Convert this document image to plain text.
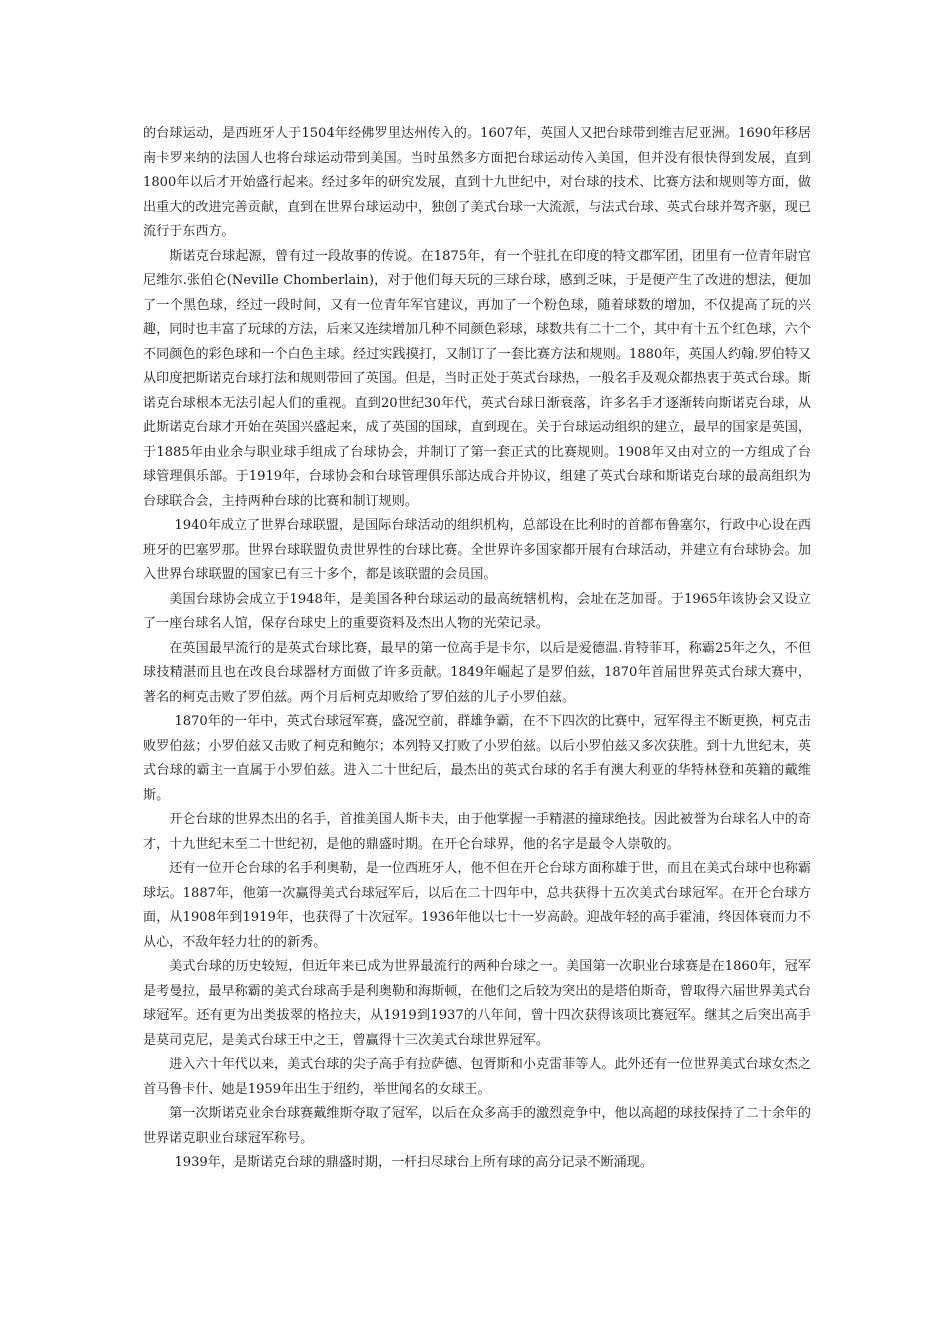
的台球运动，是西班牙人于1504年经佛罗里达州传入的。1607年，英国人又把台球带到维吉尼亚洲。1690年移居南卡罗来纳的法国人也将台球运动带到美国。当时虽然多方面把台球运动传入美国，但并没有很快得到发展，直到1800年以后才开始盛行起来。经过多年的研究发展，直到十九世纪中，对台球的技术、比赛方法和规则等方面，做出重大的改进完善贡献，直到在世界台球运动中，独创了美式台球一大流派，与法式台球、英式台球并驾齐驱，现已流行于东西方。

斯诺克台球起源，曾有过一段故事的传说。在1875年，有一个驻扎在印度的特文郡军团，团里有一位青年尉官尼维尔.张伯仑(Neville Chomberlain)，对于他们每天玩的三球台球，感到乏味，于是便产生了改进的想法，便加了一个黑色球，经过一段时间，又有一位青年军官建议，再加了一个粉色球，随着球数的增加，不仅提高了玩的兴趣，同时也丰富了玩球的方法，后来又连续增加几种不同颜色彩球，球数共有二十二个，其中有十五个红色球，六个不同颜色的彩色球和一个白色主球。经过实践摸打，又制订了一套比赛方法和规则。1880年，英国人约翰.罗伯特又从印度把斯诺克台球打法和规则带回了英国。但是，当时正处于英式台球热，一般名手及观众都热衷于英式台球。斯诺克台球根本无法引起人们的重视。直到20世纪30年代，英式台球日渐衰落，许多名手才逐渐转向斯诺克台球，从此斯诺克台球才开始在英国兴盛起来，成了英国的国球，直到现在。关于台球运动组织的建立，最早的国家是英国，于1885年由业余与职业球手组成了台球协会，并制订了第一套正式的比赛规则。1908年又由对立的一方组成了台球管理俱乐部。于1919年，台球协会和台球管理俱乐部达成合并协议，组建了英式台球和斯诺克台球的最高组织为台球联合会，主持两种台球的比赛和制订规则。

1940年成立了世界台球联盟，是国际台球活动的组织机构，总部设在比利时的首都布鲁塞尔，行政中心设在西班牙的巴塞罗那。世界台球联盟负责世界性的台球比赛。全世界许多国家都开展有台球活动，并建立有台球协会。加入世界台球联盟的国家已有三十多个，都是该联盟的会员国。

美国台球协会成立于1948年，是美国各种台球运动的最高统辖机构，会址在芝加哥。于1965年该协会又设立了一座台球名人馆，保存台球史上的重要资料及杰出人物的光荣记录。

在英国最早流行的是英式台球比赛，最早的第一位高手是卡尔，以后是爱德温.肯特菲耳，称霸25年之久，不但球技精湛而且也在改良台球器材方面做了许多贡献。1849年崛起了是罗伯兹，1870年首届世界英式台球大赛中，著名的柯克击败了罗伯兹。两个月后柯克却败给了罗伯兹的儿子小罗伯兹。

1870年的一年中，英式台球冠军赛，盛况空前，群雄争霸，在不下四次的比赛中，冠军得主不断更换，柯克击败罗伯兹；小罗伯兹又击败了柯克和鲍尔；本列特又打败了小罗伯兹。以后小罗伯兹又多次获胜。到十九世纪末，英式台球的霸主一直属于小罗伯兹。进入二十世纪后，最杰出的英式台球的名手有澳大利亚的华特林登和英籍的戴维斯。

开仑台球的世界杰出的名手，首推美国人斯卡夫，由于他掌握一手精湛的撞球绝技。因此被誉为台球名人中的奇才，十九世纪末至二十世纪初，是他的鼎盛时期。在开仑台球界，他的名字是最令人崇敬的。

还有一位开仑台球的名手利奥勒，是一位西班牙人，他不但在开仑台球方面称雄于世，而且在美式台球中也称霸球坛。1887年，他第一次赢得美式台球冠军后，以后在二十四年中，总共获得十五次美式台球冠军。在开仑台球方面，从1908年到1919年，也获得了十次冠军。1936年他以七十一岁高龄。迎战年轻的高手霍浦，终因体衰而力不从心，不敌年轻力壮的的新秀。

美式台球的历史较短，但近年来已成为世界最流行的两种台球之一。美国第一次职业台球赛是在1860年，冠军是考曼拉，最早称霸的美式台球高手是利奥勒和海斯顿，在他们之后较为突出的是塔伯斯奇，曾取得六届世界美式台球冠军。还有更为出类拔翠的格拉夫，从1919到1937的八年间，曾十四次获得该项比赛冠军。继其之后突出高手是莫司克尼，是美式台球王中之王，曾赢得十三次美式台球世界冠军。

进入六十年代以来，美式台球的尖子高手有拉萨德、包胥斯和小克雷菲等人。此外还有一位世界美式台球女杰之首马鲁卡什、她是1959年出生于纽约，举世闻名的女球王。

第一次斯诺克业余台球赛戴维斯夺取了冠军，以后在众多高手的激烈竞争中，他以高超的球技保持了二十余年的世界诺克职业台球冠军称号。

1939年，是斯诺克台球的鼎盛时期，一杆扫尽球台上所有球的高分记录不断涌现。
